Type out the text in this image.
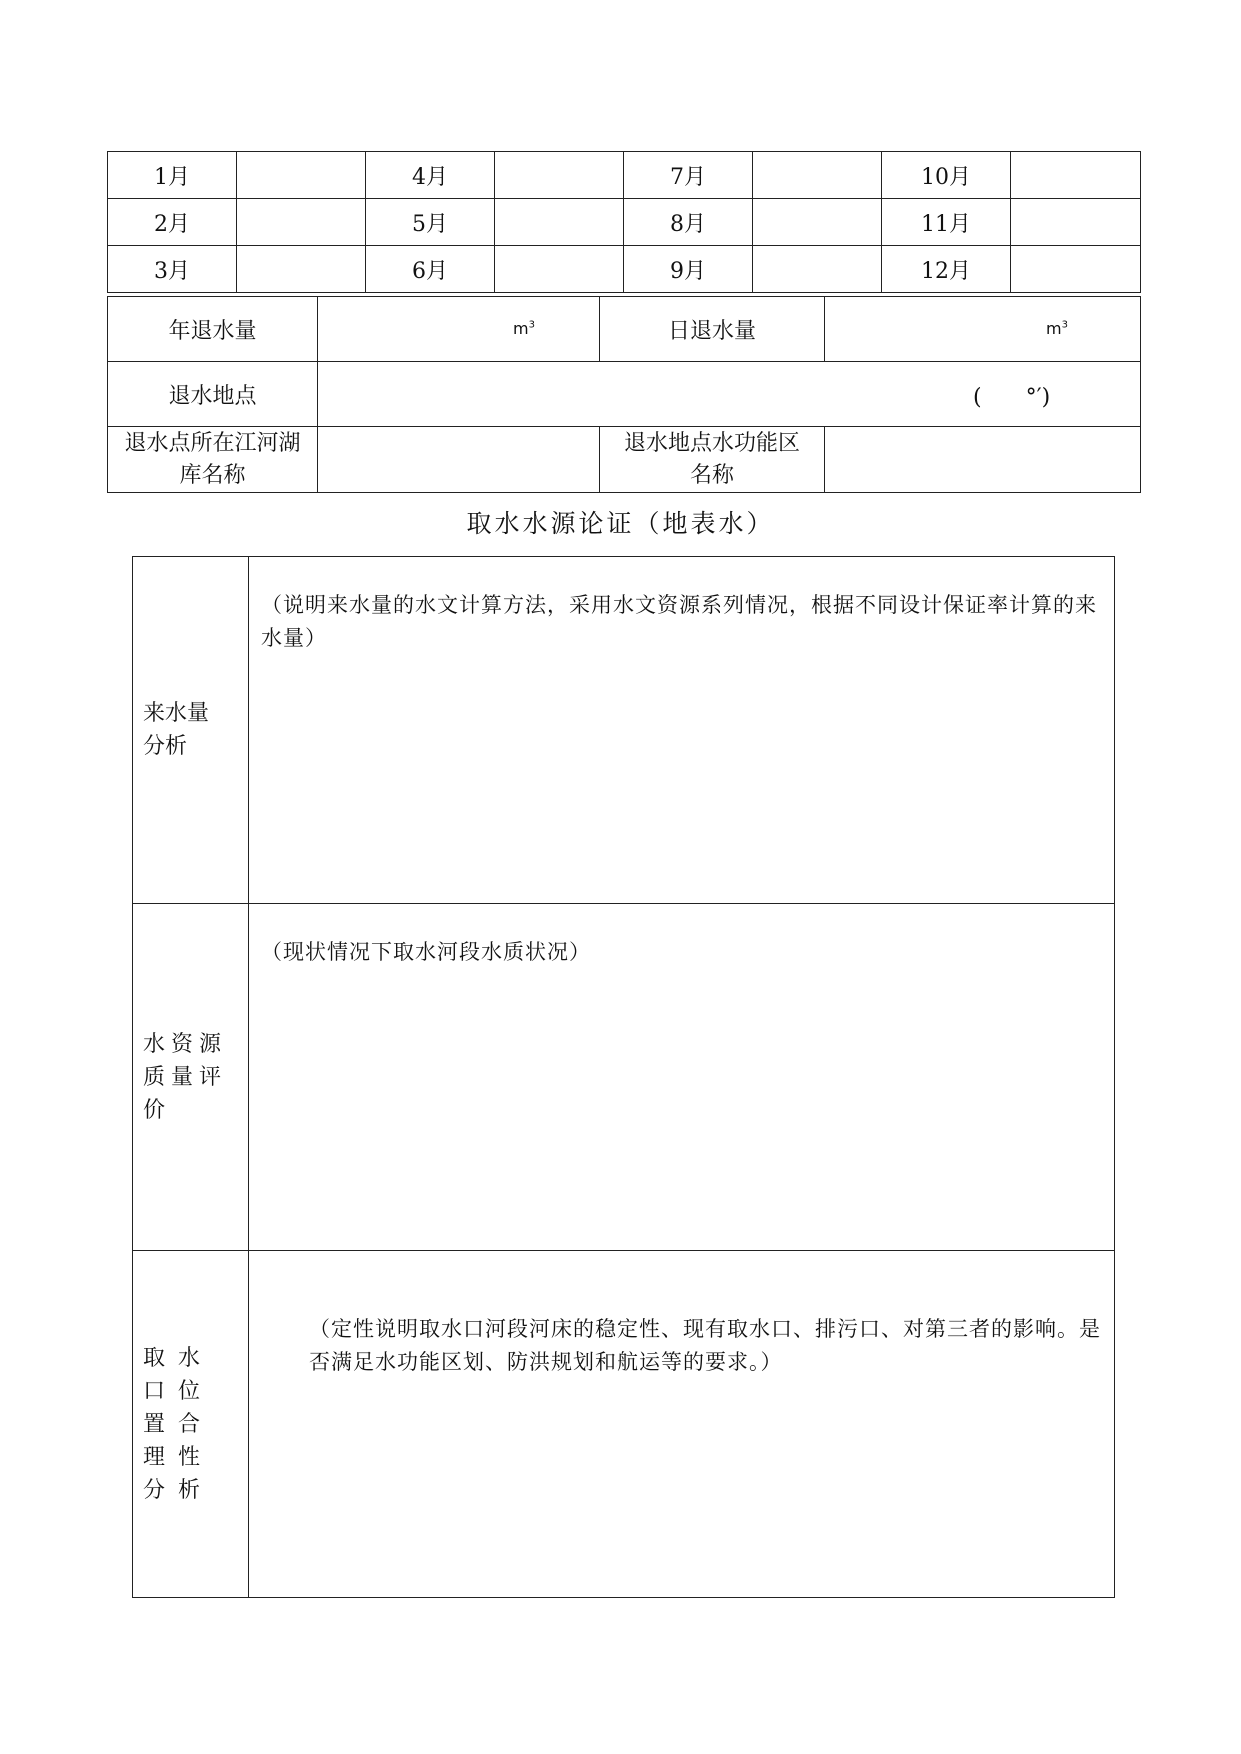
1月		4月		7月		10月	
2月		5月		8月		11月	
3月		6月		9月		12月	
年退水量	$m^3$	日退水量	$m^3$

退水地点	(　　°′)		

退水点所在江河湖库名称		退水地点水功能区名称	
取水水源论证（地表水）
来水量分析	（说明来水量的水文计算方法，采用水文资源系列情况，根据不同设计保证率计算的来水量）

水资源质量评价	（现状情况下取水河段水质状况）

取水口位置合理性分析	（定性说明取水口河段河床的稳定性、现有取水口、排污口、对第三者的影响。是否满足水功能区划、防洪规划和航运等的要求。）
